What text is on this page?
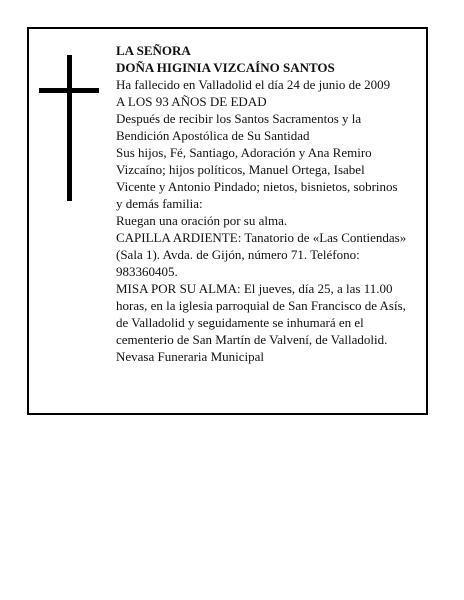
LA SEÑORA
DOÑA HIGINIA VIZCAÍNO SANTOS
Ha fallecido en Valladolid el día 24 de junio de 2009
A LOS 93 AÑOS DE EDAD
Después de recibir los Santos Sacramentos y la
Bendición Apostólica de Su Santidad
Sus hijos, Fé, Santiago, Adoración y Ana Remiro
Vizcaíno; hijos políticos, Manuel Ortega, Isabel
Vicente y Antonio Pindado; nietos, bisnietos, sobrinos
y demás familia:
Ruegan una oración por su alma.
CAPILLA ARDIENTE: Tanatorio de «Las Contiendas»
(Sala 1). Avda. de Gijón, número 71. Teléfono:
983360405.
MISA POR SU ALMA: El jueves, día 25, a las 11.00
horas, en la iglesia parroquial de San Francisco de Asís,
de Valladolid y seguidamente se inhumará en el
cementerio de San Martín de Valvení, de Valladolid.
Nevasa Funeraria Municipal
